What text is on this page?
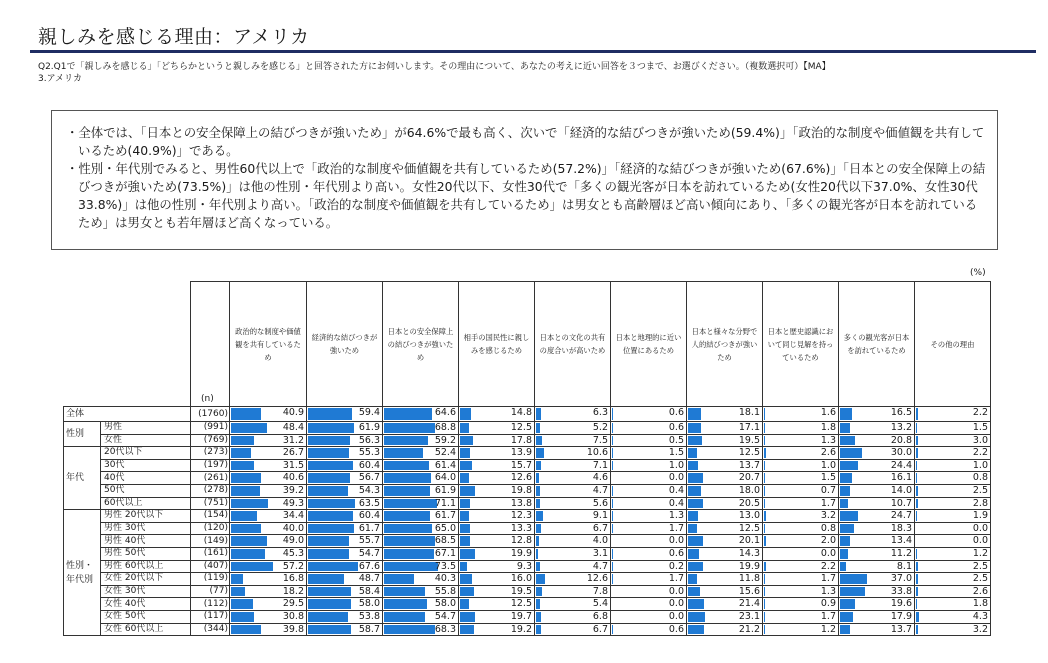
親しみを感じる理由：アメリカ
Q2.Q1で「親しみを感じる」「どちらかというと親しみを感じる」と回答された方にお伺いします。その理由について、あなたの考えに近い回答を３つまで、お選びください。（複数選択可）【MA】
3.アメリカ
・全体では、「日本との安全保障上の結びつきが強いため」が64.6%で最も高く、次いで「経済的な結びつきが強いため(59.4%)」「政治的な制度や価値観を共有しているため(40.9%)」である。
・性別・年代別でみると、男性60代以上で「政治的な制度や価値観を共有しているため(57.2%)」「経済的な結びつきが強いため(67.6%)」「日本との安全保障上の結びつきが強いため(73.5%)」は他の性別・年代別より高い。女性20代以下、女性30代で「多くの観光客が日本を訪れているため(女性20代以下37.0%、女性30代33.8%)」は他の性別・年代別より高い。「政治的な制度や価値観を共有しているため」は男女とも高齢層ほど高い傾向にあり、「多くの観光客が日本を訪れているため」は男女とも若年層ほど高くなっている。
(%)
		(n)	政治的な制度や価値観を共有しているため	経済的な結びつきが強いため	日本との安全保障上の結びつきが強いため	相手の国民性に親しみを感じるため	日本との文化の共有の度合いが高いため	日本と地理的に近い位置にあるため	日本と様々な分野で人的結びつきが強いため	日本と歴史認識において同じ見解を持っているため	多くの観光客が日本を訪れているため	その他の理由
全体		(1760)	40.9	59.4	64.6	14.8	6.3	0.6	18.1	1.6	16.5	2.2

性別	男性	(991)	48.4	61.9	68.8	12.5	5.2	0.6	17.1	1.8	13.2	1.5

	女性	(769)	31.2	56.3	59.2	17.8	7.5	0.5	19.5	1.3	20.8	3.0

年代	20代以下	(273)	26.7	55.3	52.4	13.9	10.6	1.5	12.5	2.6	30.0	2.2

	30代	(197)	31.5	60.4	61.4	15.7	7.1	1.0	13.7	1.0	24.4	1.0

	40代	(261)	40.6	56.7	64.0	12.6	4.6	0.0	20.7	1.5	16.1	0.8

	50代	(278)	39.2	54.3	61.9	19.8	4.7	0.4	18.0	0.7	14.0	2.5

	60代以上	(751)	49.3	63.5	71.1	13.8	5.6	0.4	20.5	1.7	10.7	2.8

性別・
年代別	男性 20代以下	(154)	34.4	60.4	61.7	12.3	9.1	1.3	13.0	3.2	24.7	1.9

	男性 30代	(120)	40.0	61.7	65.0	13.3	6.7	1.7	12.5	0.8	18.3	0.0

	男性 40代	(149)	49.0	55.7	68.5	12.8	4.0	0.0	20.1	2.0	13.4	0.0

	男性 50代	(161)	45.3	54.7	67.1	19.9	3.1	0.6	14.3	0.0	11.2	1.2

	男性 60代以上	(407)	57.2	67.6	73.5	9.3	4.7	0.2	19.9	2.2	8.1	2.5

	女性 20代以下	(119)	16.8	48.7	40.3	16.0	12.6	1.7	11.8	1.7	37.0	2.5

	女性 30代	(77)	18.2	58.4	55.8	19.5	7.8	0.0	15.6	1.3	33.8	2.6

	女性 40代	(112)	29.5	58.0	58.0	12.5	5.4	0.0	21.4	0.9	19.6	1.8

	女性 50代	(117)	30.8	53.8	54.7	19.7	6.8	0.0	23.1	1.7	17.9	4.3

	女性 60代以上	(344)	39.8	58.7	68.3	19.2	6.7	0.6	21.2	1.2	13.7	3.2
